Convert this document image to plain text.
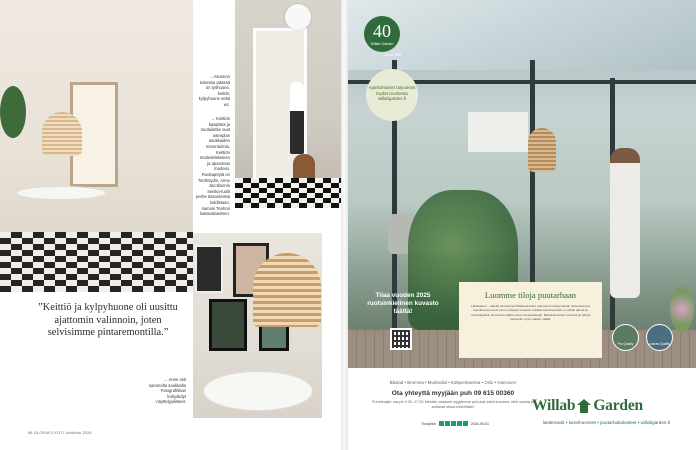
→ Asunnon toisessa päässä on työhuone, keittiö, kylpyhuone sekä wc.
→ Keittiön kaapistot ja nuotuilettie ovat asenplan asukkaiden remontoimia. Keittiön modesiekkeinen ja apaniman modeini. Ruokapöytä on Tonthöydin. Anne Jacobsenin Seiska-tuolit perhe toisanimista koldistaan, samoin Tenhon kattovalaisimen.
→ Anne osti sammolta saukkalta Fotografiskan kohyskdyt näyttelyjulisteet.
”Keittiö ja kylpyhuone oli uusittu ajattomin valinnoin, joten selvisimme pintaremontilla.”
98 GLORIA'S KOTI Jahtitalu 2026
40
Willab Garden
Since 1986
Ajankohtaiset tarjoukset löydät nivottesta willabgarden.fi
Tilaa vuoden 2025 ruotsinkielinen kuvasto täältä!
Luomme tiloja puutarhaan

Lähiikäinen – aidolla nimettömä Wittakeskuksia valmistetut lasiseinäintä, lastenasset ja kasvihuoneet juuri sinun mittojesi mukaan. Kaikille kasvihuoneille on pitkät takuut ja myöskilpailua. Ruotsissa säiliön tietoa tuotekatalogit. Mahdollisuuden tutustua ja viihtyä tuotteisiin myös paikan päällä.

Pro Quality	Leaves Quality
Båstad • Bromma • Munkedal • Köttpenhamina • Oslo • Hannover
Ota yhteyttä myyjään puh 09 615 00360
Puhelinajat: ma-pe 9.00–17.00 Meidän osaavat myyjämme puhuvat sekä suomea, että ruotsia ja auttavat sinua mielellään!
Trustpilot	2024-09-01
Willab Garden
lasiterassit • kasvihuoneet • puutarhakalusteet • willabgarden.fi
